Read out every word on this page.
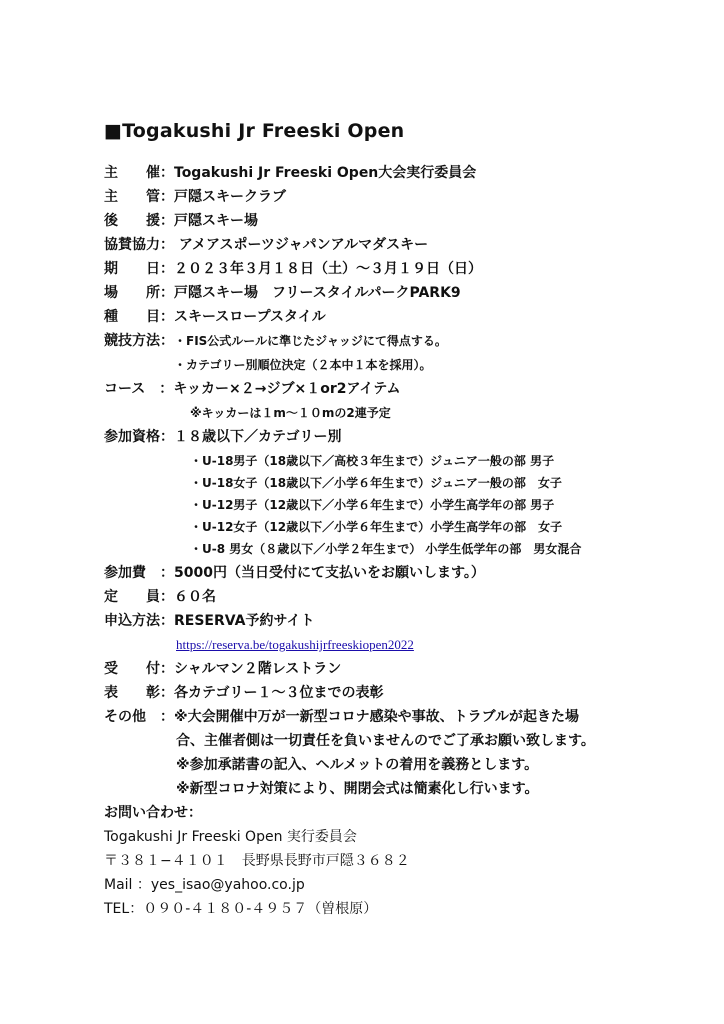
■Togakushi Jr Freeski Open
主　　催：Togakushi Jr Freeski Open大会実行委員会
主　　管：戸隠スキークラブ
後　　援：戸隠スキー場
協賛協力： アメアスポーツジャパンアルマダスキー
期　　日：２０２３年３月１８日（土）〜３月１９日（日）
場　　所：戸隠スキー場　フリースタイルパークPARK9
種　　目：スキースロープスタイル
競技方法：・FIS公式ルールに準じたジャッジにて得点する。
・カテゴリー別順位決定（２本中１本を採用）。
コース　：キッカー×２→ジブ×１or2アイテム
※キッカーは１m〜１０mの2連予定
参加資格：１８歳以下／カテゴリー別
・U-18男子（18歳以下／高校３年生まで）ジュニア一般の部 男子
・U-18女子（18歳以下／小学６年生まで）ジュニア一般の部　女子
・U-12男子（12歳以下／小学６年生まで）小学生高学年の部 男子
・U-12女子（12歳以下／小学６年生まで）小学生高学年の部　女子
・U-8 男女（８歳以下／小学２年生まで） 小学生低学年の部　男女混合
参加費　：5000円（当日受付にて支払いをお願いします。）
定　　員：６０名
申込方法：RESERVA予約サイト
https://reserva.be/togakushijrfreeskiopen2022
受　　付：シャルマン２階レストラン
表　　彰：各カテゴリー１〜３位までの表彰
その他　：※大会開催中万が一新型コロナ感染や事故、トラブルが起きた場
合、主催者側は一切責任を負いませんのでご了承お願い致します。
※参加承諾書の記入、ヘルメットの着用を義務とします。
※新型コロナ対策により、開閉会式は簡素化し行います。
お問い合わせ：
Togakushi Jr Freeski Open 実行委員会
〒３８１−４１０１　長野県長野市戸隠３６８２
Mail ：yes_isao@yahoo.co.jp
TEL：０９０-４１８０-４９５７（曽根原）
